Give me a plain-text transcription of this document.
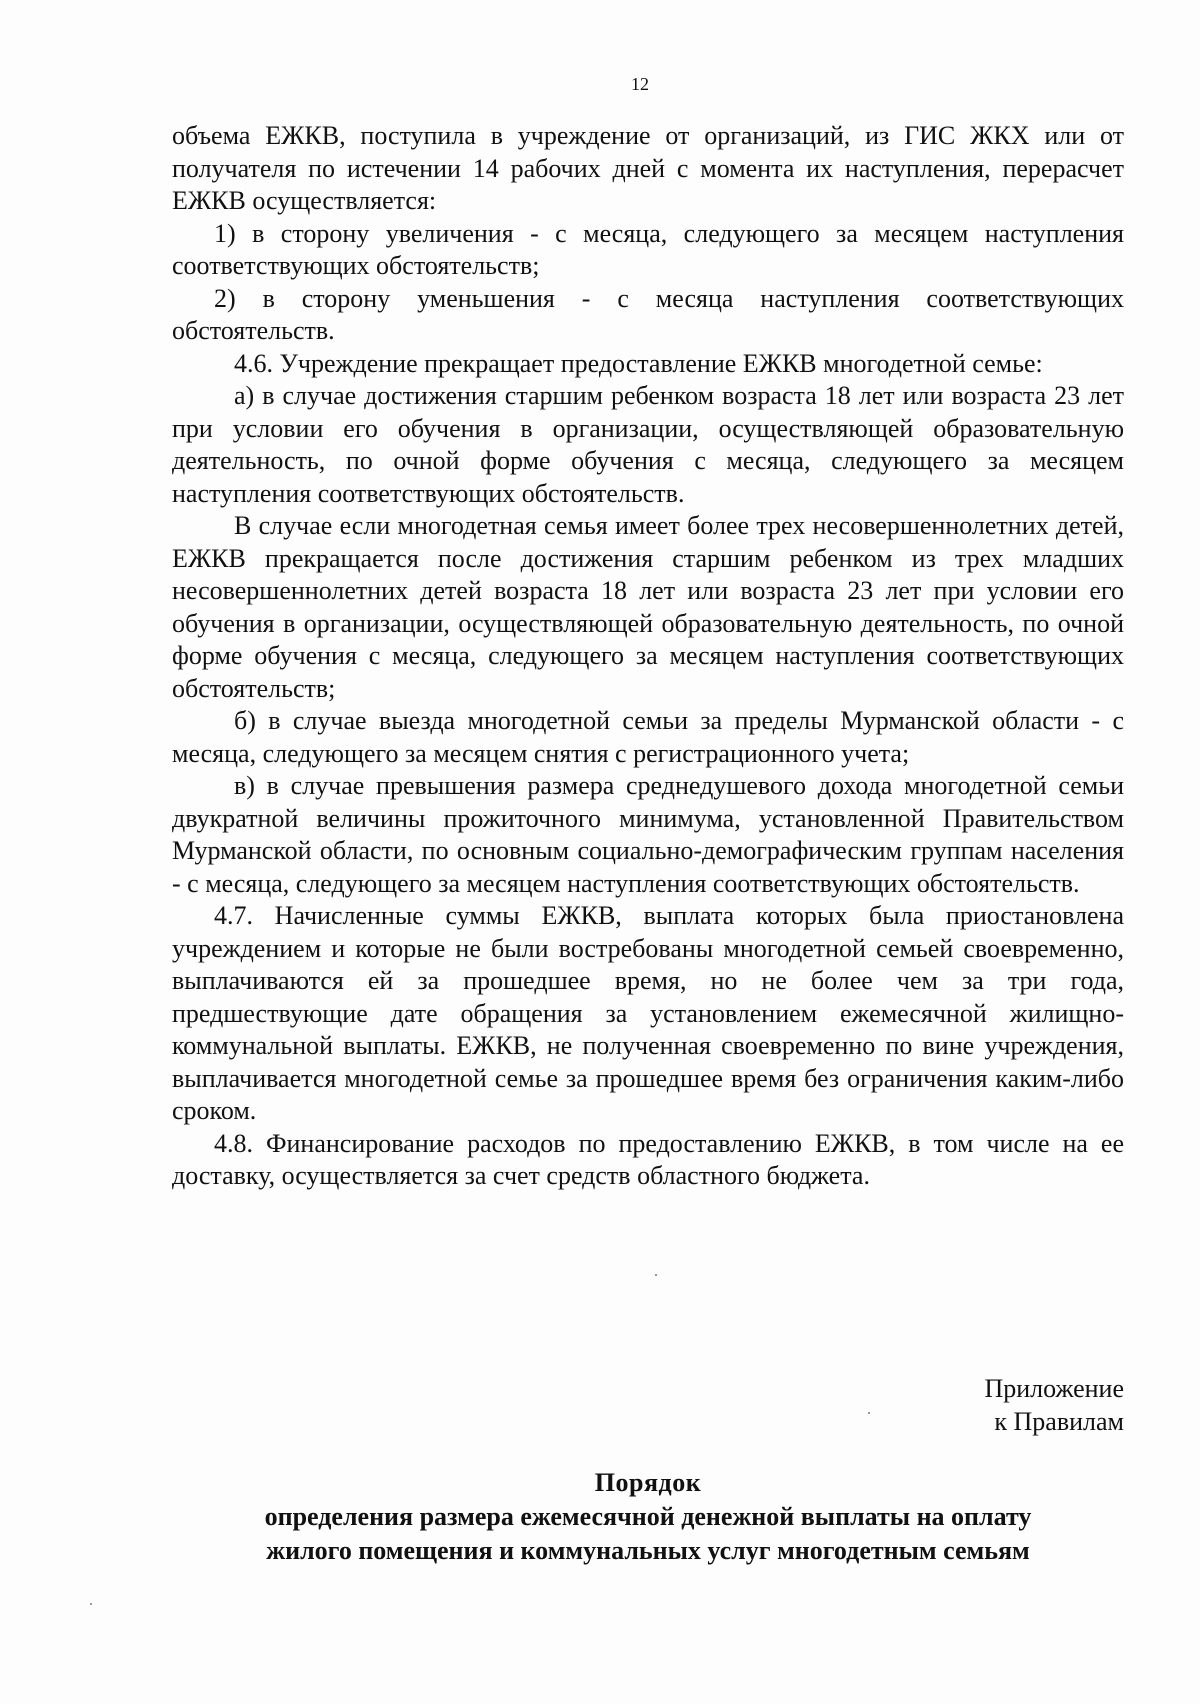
12

объема ЕЖКВ, поступила в учреждение от организаций, из ГИС ЖКХ или от получателя по истечении 14 рабочих дней с момента их наступления, перерасчет ЕЖКВ осуществляется:

1) в сторону увеличения - с месяца, следующего за месяцем наступления соответствующих обстоятельств;

2) в сторону уменьшения - с месяца наступления соответствующих обстоятельств.

4.6. Учреждение прекращает предоставление ЕЖКВ многодетной семье:

а) в случае достижения старшим ребенком возраста 18 лет или возраста 23 лет при условии его обучения в организации, осуществляющей образовательную деятельность, по очной форме обучения с месяца, следующего за месяцем наступления соответствующих обстоятельств.

В случае если многодетная семья имеет более трех несовершеннолетних детей, ЕЖКВ прекращается после достижения старшим ребенком из трех младших несовершеннолетних детей возраста 18 лет или возраста 23 лет при условии его обучения в организации, осуществляющей образовательную деятельность, по очной форме обучения с месяца, следующего за месяцем наступления соответствующих обстоятельств;

б) в случае выезда многодетной семьи за пределы Мурманской области - с месяца, следующего за месяцем снятия с регистрационного учета;

в) в случае превышения размера среднедушевого дохода многодетной семьи двукратной величины прожиточного минимума, установленной Правительством Мурманской области, по основным социально-демографическим группам населения - с месяца, следующего за месяцем наступления соответствующих обстоятельств.

4.7. Начисленные суммы ЕЖКВ, выплата которых была приостановлена учреждением и которые не были востребованы многодетной семьей своевременно, выплачиваются ей за прошедшее время, но не более чем за три года, предшествующие дате обращения за установлением ежемесячной жилищно-коммунальной выплаты. ЕЖКВ, не полученная своевременно по вине учреждения, выплачивается многодетной семье за прошедшее время без ограничения каким-либо сроком.

4.8. Финансирование расходов по предоставлению ЕЖКВ, в том числе на ее доставку, осуществляется за счет средств областного бюджета.

Приложение
к Правилам
Порядок
определения размера ежемесячной денежной выплаты на оплату
жилого помещения и коммунальных услуг многодетным семьям
